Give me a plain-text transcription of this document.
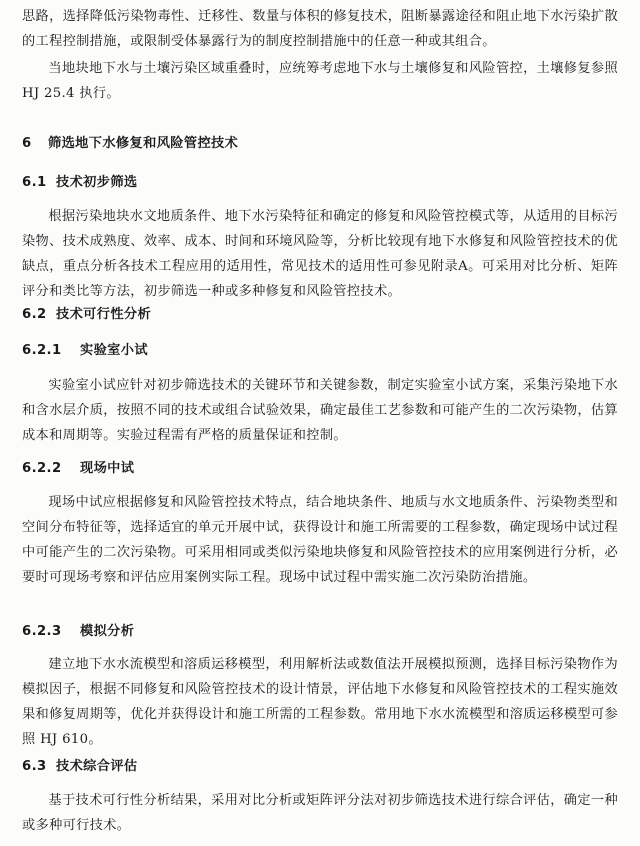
思路，选择降低污染物毒性、迁移性、数量与体积的修复技术，阻断暴露途径和阻止地下水污染扩散的工程控制措施，或限制受体暴露行为的制度控制措施中的任意一种或其组合。

当地块地下水与土壤污染区域重叠时，应统筹考虑地下水与土壤修复和风险管控，土壤修复参照 HJ 25.4 执行。

6 筛选地下水修复和风险管控技术
6.1 技术初步筛选

根据污染地块水文地质条件、地下水污染特征和确定的修复和风险管控模式等，从适用的目标污染物、技术成熟度、效率、成本、时间和环境风险等，分析比较现有地下水修复和风险管控技术的优缺点，重点分析各技术工程应用的适用性，常见技术的适用性可参见附录A。可采用对比分析、矩阵评分和类比等方法，初步筛选一种或多种修复和风险管控技术。

6.2 技术可行性分析
6.2.1 实验室小试

实验室小试应针对初步筛选技术的关键环节和关键参数，制定实验室小试方案，采集污染地下水和含水层介质，按照不同的技术或组合试验效果，确定最佳工艺参数和可能产生的二次污染物，估算成本和周期等。实验过程需有严格的质量保证和控制。

6.2.2 现场中试

现场中试应根据修复和风险管控技术特点，结合地块条件、地质与水文地质条件、污染物类型和空间分布特征等，选择适宜的单元开展中试，获得设计和施工所需要的工程参数，确定现场中试过程中可能产生的二次污染物。可采用相同或类似污染地块修复和风险管控技术的应用案例进行分析，必要时可现场考察和评估应用案例实际工程。现场中试过程中需实施二次污染防治措施。

6.2.3 模拟分析

建立地下水水流模型和溶质运移模型，利用解析法或数值法开展模拟预测，选择目标污染物作为模拟因子，根据不同修复和风险管控技术的设计情景，评估地下水修复和风险管控技术的工程实施效果和修复周期等，优化并获得设计和施工所需的工程参数。常用地下水水流模型和溶质运移模型可参照 HJ 610。

6.3 技术综合评估

基于技术可行性分析结果，采用对比分析或矩阵评分法对初步筛选技术进行综合评估，确定一种或多种可行技术。
